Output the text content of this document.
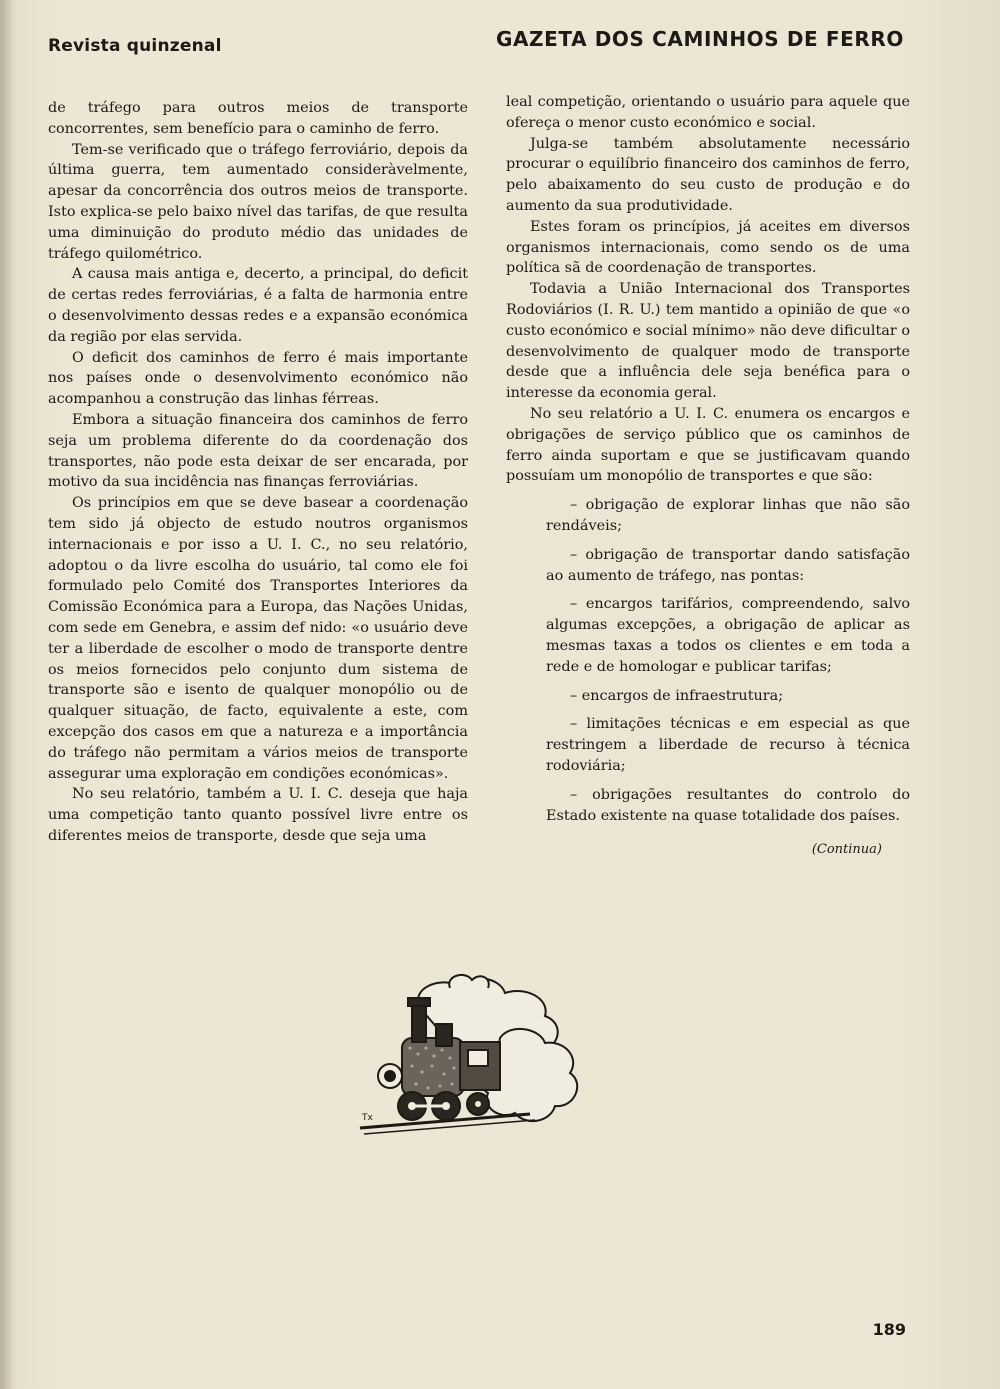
Revista quinzenal	GAZETA DOS CAMINHOS DE FERRO

de tráfego para outros meios de transporte concorrentes, sem benefício para o caminho de ferro.

Tem-se verificado que o tráfego ferroviário, depois da última guerra, tem aumentado consideràvelmente, apesar da concorrência dos outros meios de transporte. Isto explica-se pelo baixo nível das tarifas, de que resulta uma diminuição do produto médio das unidades de tráfego quilométrico.

A causa mais antiga e, decerto, a principal, do deficit de certas redes ferroviárias, é a falta de harmonia entre o desenvolvimento dessas redes e a expansão económica da região por elas servida.

O deficit dos caminhos de ferro é mais importante nos países onde o desenvolvimento económico não acompanhou a construção das linhas férreas.

Embora a situação financeira dos caminhos de ferro seja um problema diferente do da coordenação dos transportes, não pode esta deixar de ser encarada, por motivo da sua incidência nas finanças ferroviárias.

Os princípios em que se deve basear a coordenação tem sido já objecto de estudo noutros organismos internacionais e por isso a U. I. C., no seu relatório, adoptou o da livre escolha do usuário, tal como ele foi formulado pelo Comité dos Transportes Interiores da Comissão Económica para a Europa, das Nações Unidas, com sede em Genebra, e assim def nido: «o usuário deve ter a liberdade de escolher o modo de transporte dentre os meios fornecidos pelo conjunto dum sistema de transporte são e isento de qualquer monopólio ou de qualquer situação, de facto, equivalente a este, com excepção dos casos em que a natureza e a importância do tráfego não permitam a vários meios de transporte assegurar uma exploração em condições económicas».

No seu relatório, também a U. I. C. deseja que haja uma competição tanto quanto possível livre entre os diferentes meios de transporte, desde que seja uma

leal competição, orientando o usuário para aquele que ofereça o menor custo económico e social.

Julga-se também absolutamente necessário procurar o equilíbrio financeiro dos caminhos de ferro, pelo abaixamento do seu custo de produção e do aumento da sua produtividade.

Estes foram os princípios, já aceites em diversos organismos internacionais, como sendo os de uma política sã de coordenação de transportes.

Todavia a União Internacional dos Transportes Rodoviários (I. R. U.) tem mantido a opinião de que «o custo económico e social mínimo» não deve dificultar o desenvolvimento de qualquer modo de transporte desde que a influência dele seja benéfica para o interesse da economia geral.

No seu relatório a U. I. C. enumera os encargos e obrigações de serviço público que os caminhos de ferro ainda suportam e que se justificavam quando possuíam um monopólio de transportes e que são:

– obrigação de explorar linhas que não são rendáveis;

– obrigação de transportar dando satisfação ao aumento de tráfego, nas pontas:

– encargos tarifários, compreendendo, salvo algumas excepções, a obrigação de aplicar as mesmas taxas a todos os clientes e em toda a rede e de homologar e publicar tarifas;

– encargos de infraestrutura;

– limitações técnicas e em especial as que restringem a liberdade de recurso à técnica rodoviária;

– obrigações resultantes do controlo do Estado existente na quase totalidade dos países.

(Continua)
Tx
189
